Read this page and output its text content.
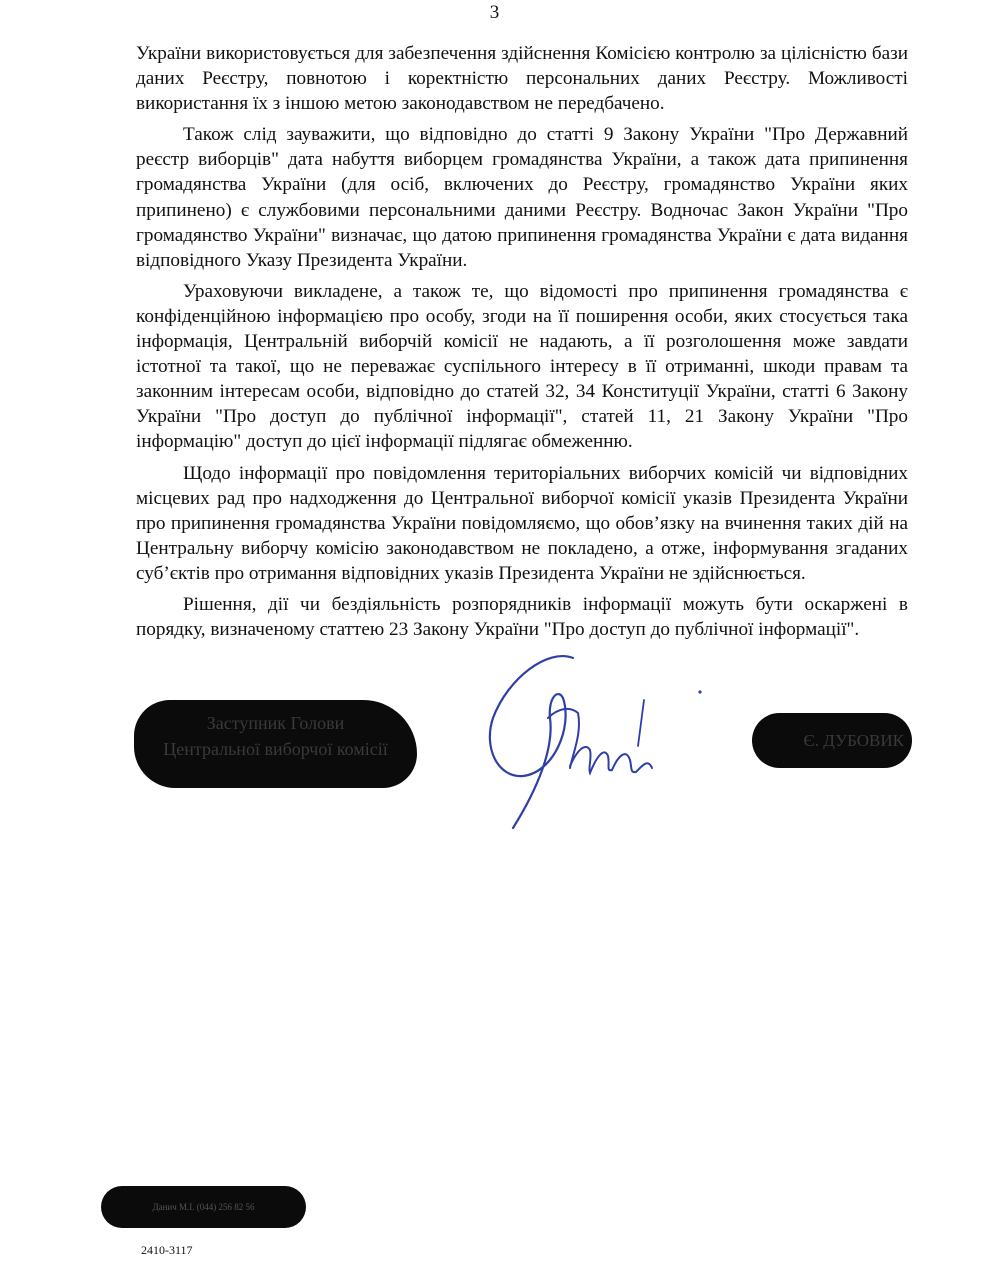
3

України використовується для забезпечення здійснення Комісією контролю за цілісністю бази даних Реєстру, повнотою і коректністю персональних даних Реєстру. Можливості використання їх з іншою метою законодавством не передбачено.

Також слід зауважити, що відповідно до статті 9 Закону України "Про Державний реєстр виборців" дата набуття виборцем громадянства України, а також дата припинення громадянства України (для осіб, включених до Реєстру, громадянство України яких припинено) є службовими персональними даними Реєстру. Водночас Закон України "Про громадянство України" визначає, що датою припинення громадянства України є дата видання відповідного Указу Президента України.

Ураховуючи викладене, а також те, що відомості про припинення громадянства є конфіденційною інформацією про особу, згоди на її поширення особи, яких стосується така інформація, Центральній виборчій комісії не надають, а її розголошення може завдати істотної та такої, що не переважає суспільного інтересу в її отриманні, шкоди правам та законним інтересам особи, відповідно до статей 32, 34 Конституції України, статті 6 Закону України "Про доступ до публічної інформації", статей 11, 21 Закону України "Про інформацію" доступ до цієї інформації підлягає обмеженню.

Щодо інформації про повідомлення територіальних виборчих комісій чи відповідних місцевих рад про надходження до Центральної виборчої комісії указів Президента України про припинення громадянства України повідомляємо, що обов’язку на вчинення таких дій на Центральну виборчу комісію законодавством не покладено, а отже, інформування згаданих суб’єктів про отримання відповідних указів Президента України не здійснюється.

Рішення, дії чи бездіяльність розпорядників інформації можуть бути оскаржені в порядку, визначеному статтею 23 Закону України "Про доступ до публічної інформації".

Заступник Голови
Центральної виборчої комісії	Є. ДУБОВИК
Данич М.І. (044) 256 82 56
2410-3117
